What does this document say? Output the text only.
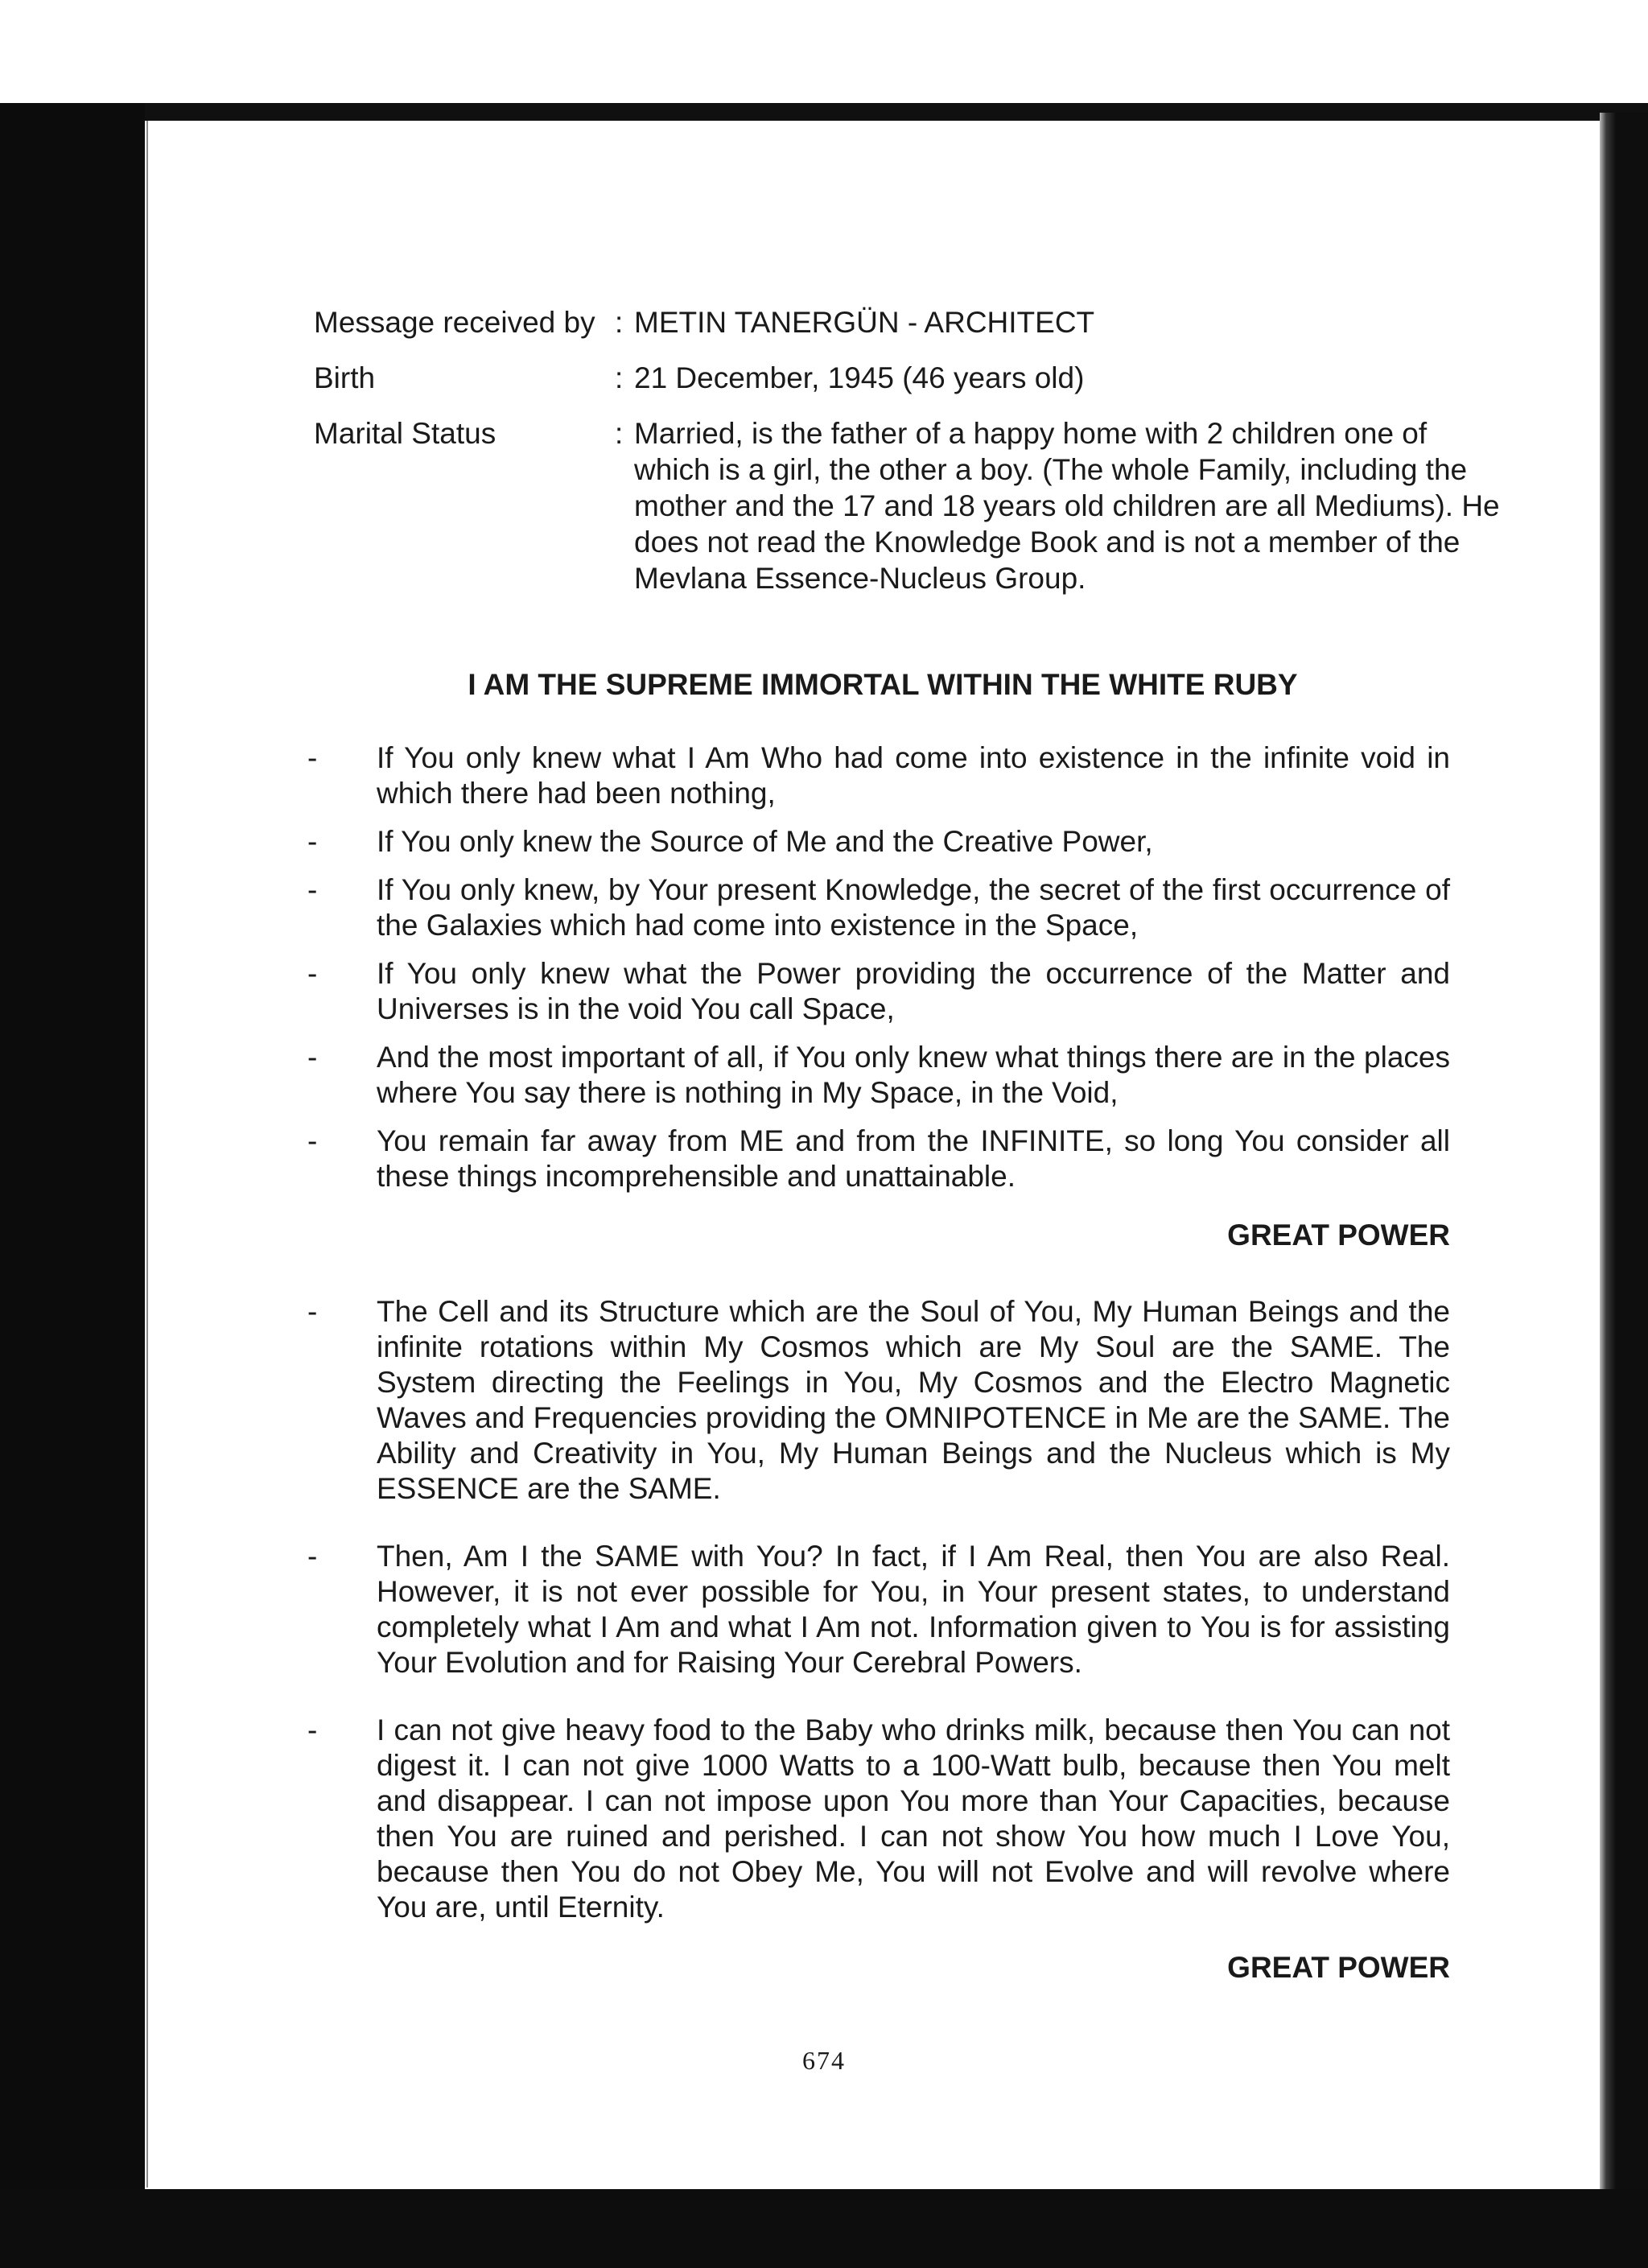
Message received by : METIN TANERGÜN - ARCHITECT
Birth	: 21 December, 1945 (46 years old)
Marital Status	: Married, is the father of a happy home with 2 children one of which is a girl, the other a boy. (The whole Family, including the mother and the 17 and 18 years old children are all Mediums). He does not read the Knowledge Book and is not a member of the Mevlana Essence-Nucleus Group.
I AM THE SUPREME IMMORTAL WITHIN THE WHITE RUBY
-	If You only knew what I Am Who had come into existence in the infinite void in which there had been nothing,
-	If You only knew the Source of Me and the Creative Power,
-	If You only knew, by Your present Knowledge, the secret of the first occurrence of the Galaxies which had come into existence in the Space,
-	If You only knew what the Power providing the occurrence of the Matter and Universes is in the void You call Space,
-	And the most important of all, if You only knew what things there are in the places where You say there is nothing in My Space, in the Void,
-	You remain far away from ME and from the INFINITE, so long You consider all these things incomprehensible and unattainable.
GREAT POWER
-	The Cell and its Structure which are the Soul of You, My Human Beings and the infinite rotations within My Cosmos which are My Soul are the SAME. The System directing the Feelings in You, My Cosmos and the Electro Magnetic Waves and Frequencies providing the OMNIPOTENCE in Me are the SAME. The Ability and Creativity in You, My Human Beings and the Nucleus which is My ESSENCE are the SAME.
-	Then, Am I the SAME with You? In fact, if I Am Real, then You are also Real. However, it is not ever possible for You, in Your present states, to understand completely what I Am and what I Am not. Information given to You is for assisting Your Evolution and for Raising Your Cerebral Powers.
-	I can not give heavy food to the Baby who drinks milk, because then You can not digest it. I can not give 1000 Watts to a 100-Watt bulb, because then You melt and disappear. I can not impose upon You more than Your Capacities, because then You are ruined and perished. I can not show You how much I Love You, because then You do not Obey Me, You will not Evolve and will revolve where You are, until Eternity.
GREAT POWER
674
